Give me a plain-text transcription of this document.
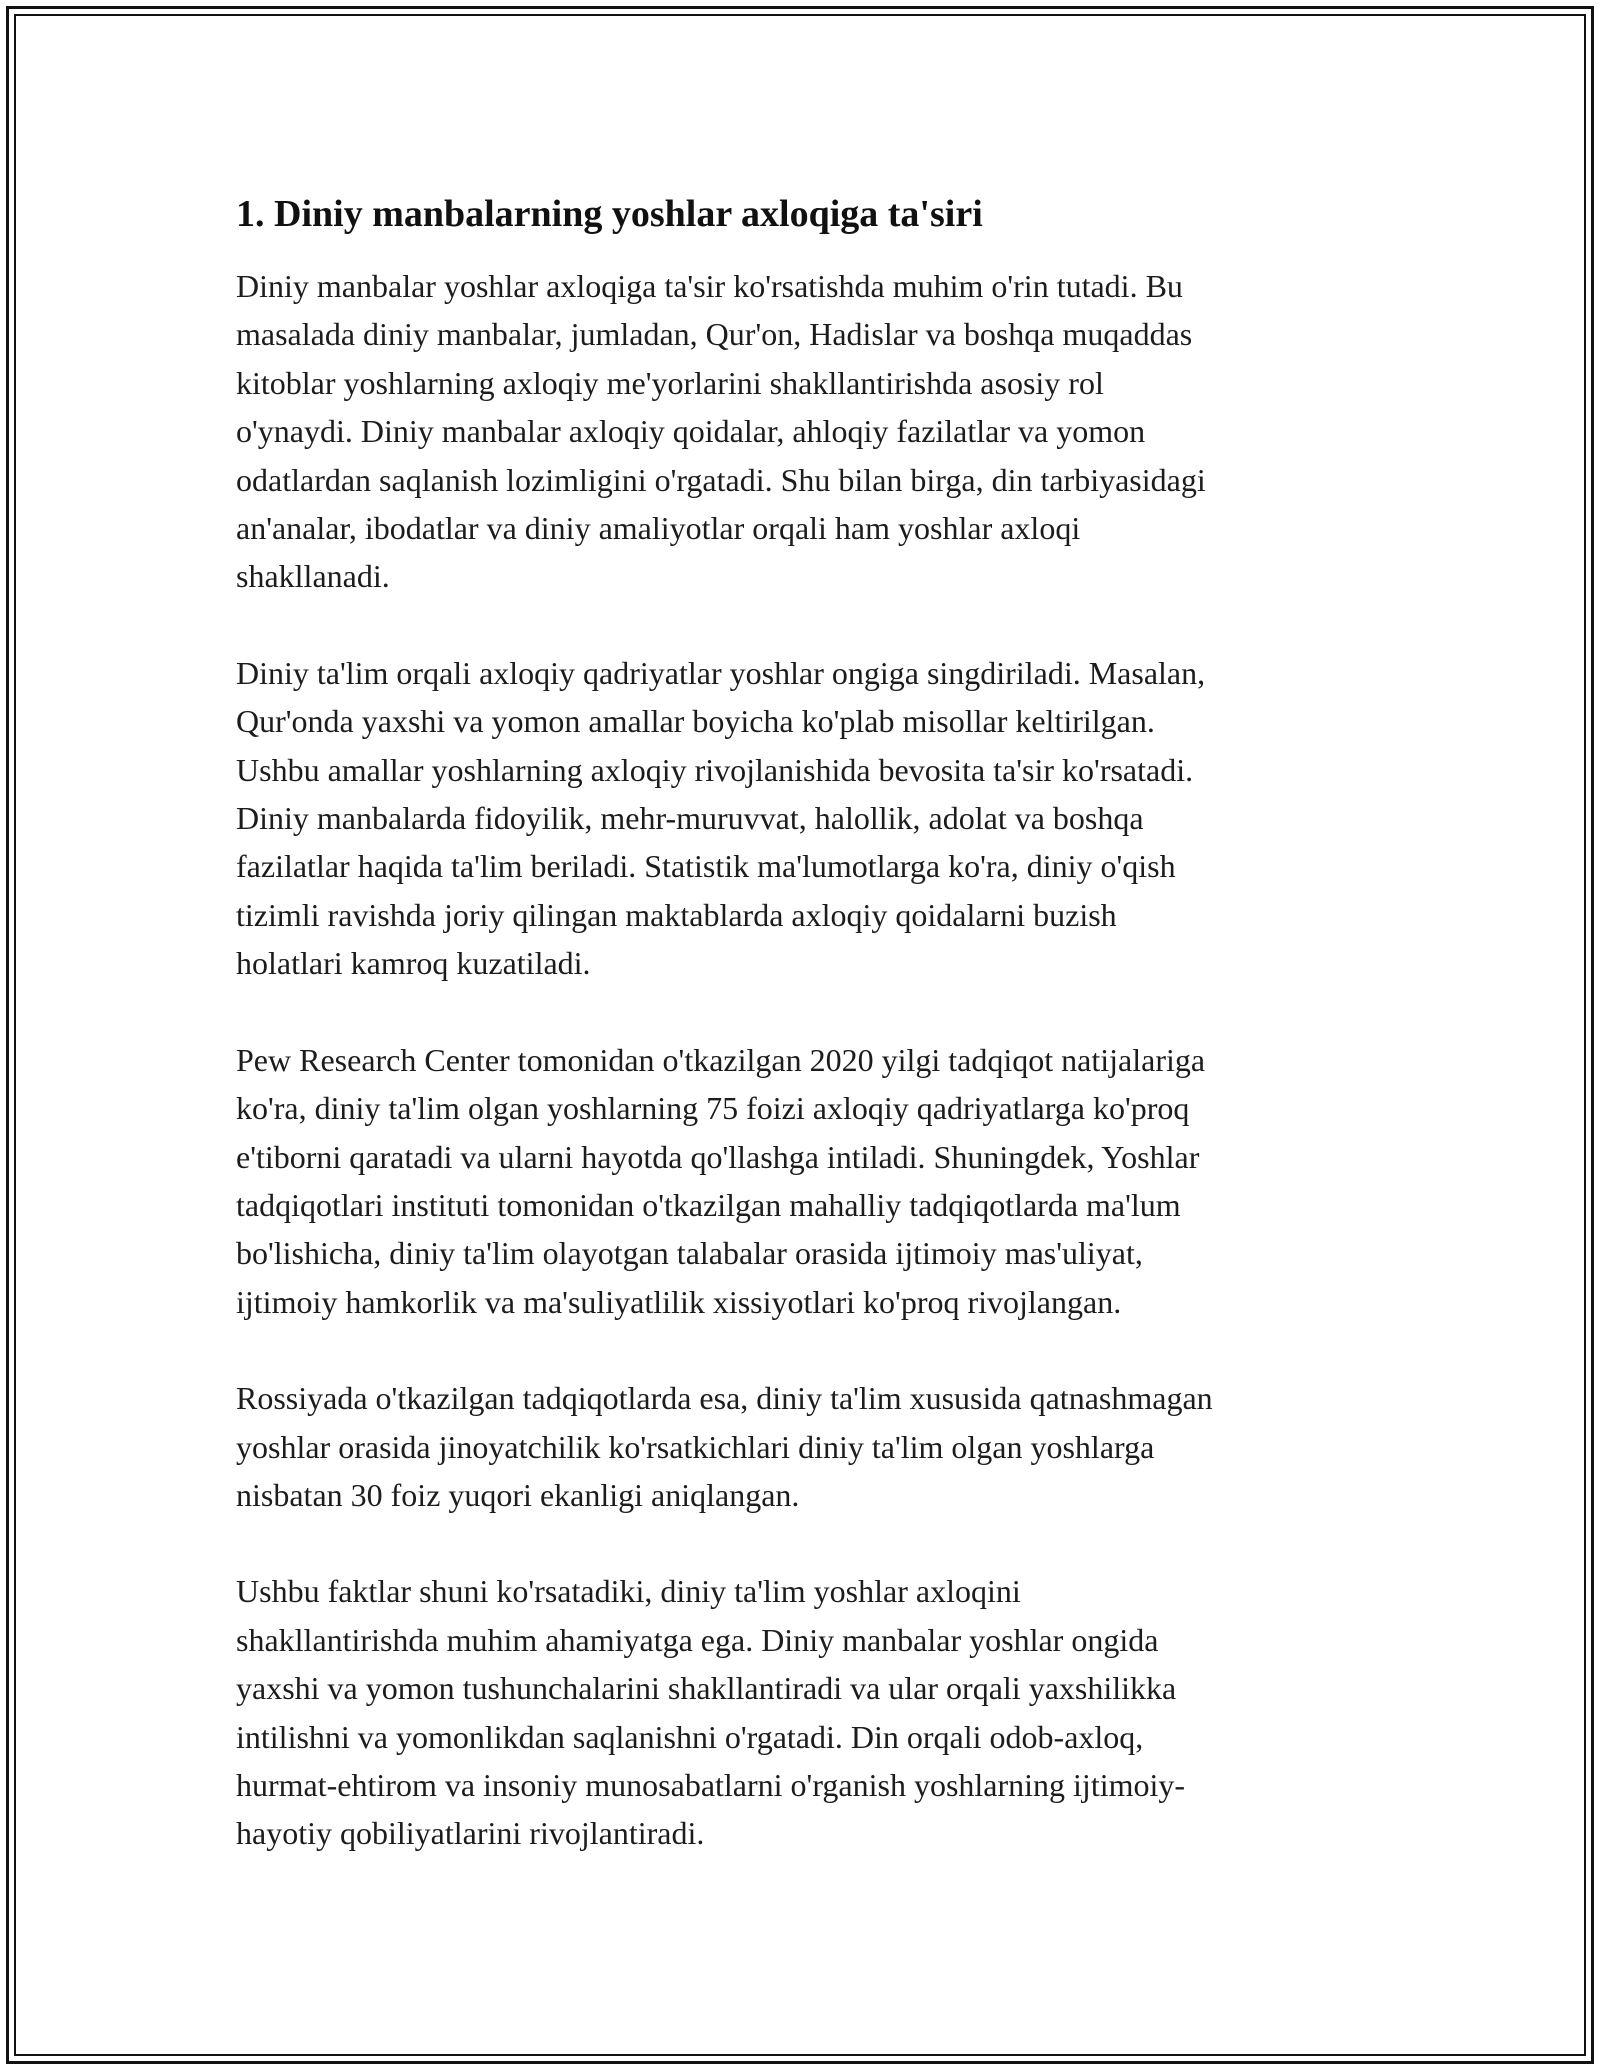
1. Diniy manbalarning yoshlar axloqiga ta'siri

Diniy manbalar yoshlar axloqiga ta'sir ko'rsatishda muhim o'rin tutadi. Bu
masalada diniy manbalar, jumladan, Qur'on, Hadislar va boshqa muqaddas
kitoblar yoshlarning axloqiy me'yorlarini shakllantirishda asosiy rol
o'ynaydi. Diniy manbalar axloqiy qoidalar, ahloqiy fazilatlar va yomon
odatlardan saqlanish lozimligini o'rgatadi. Shu bilan birga, din tarbiyasidagi
an'analar, ibodatlar va diniy amaliyotlar orqali ham yoshlar axloqi
shakllanadi.

Diniy ta'lim orqali axloqiy qadriyatlar yoshlar ongiga singdiriladi. Masalan,
Qur'onda yaxshi va yomon amallar boyicha ko'plab misollar keltirilgan.
Ushbu amallar yoshlarning axloqiy rivojlanishida bevosita ta'sir ko'rsatadi.
Diniy manbalarda fidoyilik, mehr-muruvvat, halollik, adolat va boshqa
fazilatlar haqida ta'lim beriladi. Statistik ma'lumotlarga ko'ra, diniy o'qish
tizimli ravishda joriy qilingan maktablarda axloqiy qoidalarni buzish
holatlari kamroq kuzatiladi.

Pew Research Center tomonidan o'tkazilgan 2020 yilgi tadqiqot natijalariga
ko'ra, diniy ta'lim olgan yoshlarning 75 foizi axloqiy qadriyatlarga ko'proq
e'tiborni qaratadi va ularni hayotda qo'llashga intiladi. Shuningdek, Yoshlar
tadqiqotlari instituti tomonidan o'tkazilgan mahalliy tadqiqotlarda ma'lum
bo'lishicha, diniy ta'lim olayotgan talabalar orasida ijtimoiy mas'uliyat,
ijtimoiy hamkorlik va ma'suliyatlilik xissiyotlari ko'proq rivojlangan.

Rossiyada o'tkazilgan tadqiqotlarda esa, diniy ta'lim xususida qatnashmagan
yoshlar orasida jinoyatchilik ko'rsatkichlari diniy ta'lim olgan yoshlarga
nisbatan 30 foiz yuqori ekanligi aniqlangan.

Ushbu faktlar shuni ko'rsatadiki, diniy ta'lim yoshlar axloqini
shakllantirishda muhim ahamiyatga ega. Diniy manbalar yoshlar ongida
yaxshi va yomon tushunchalarini shakllantiradi va ular orqali yaxshilikka
intilishni va yomonlikdan saqlanishni o'rgatadi. Din orqali odob-axloq,
hurmat-ehtirom va insoniy munosabatlarni o'rganish yoshlarning ijtimoiy-
hayotiy qobiliyatlarini rivojlantiradi.
